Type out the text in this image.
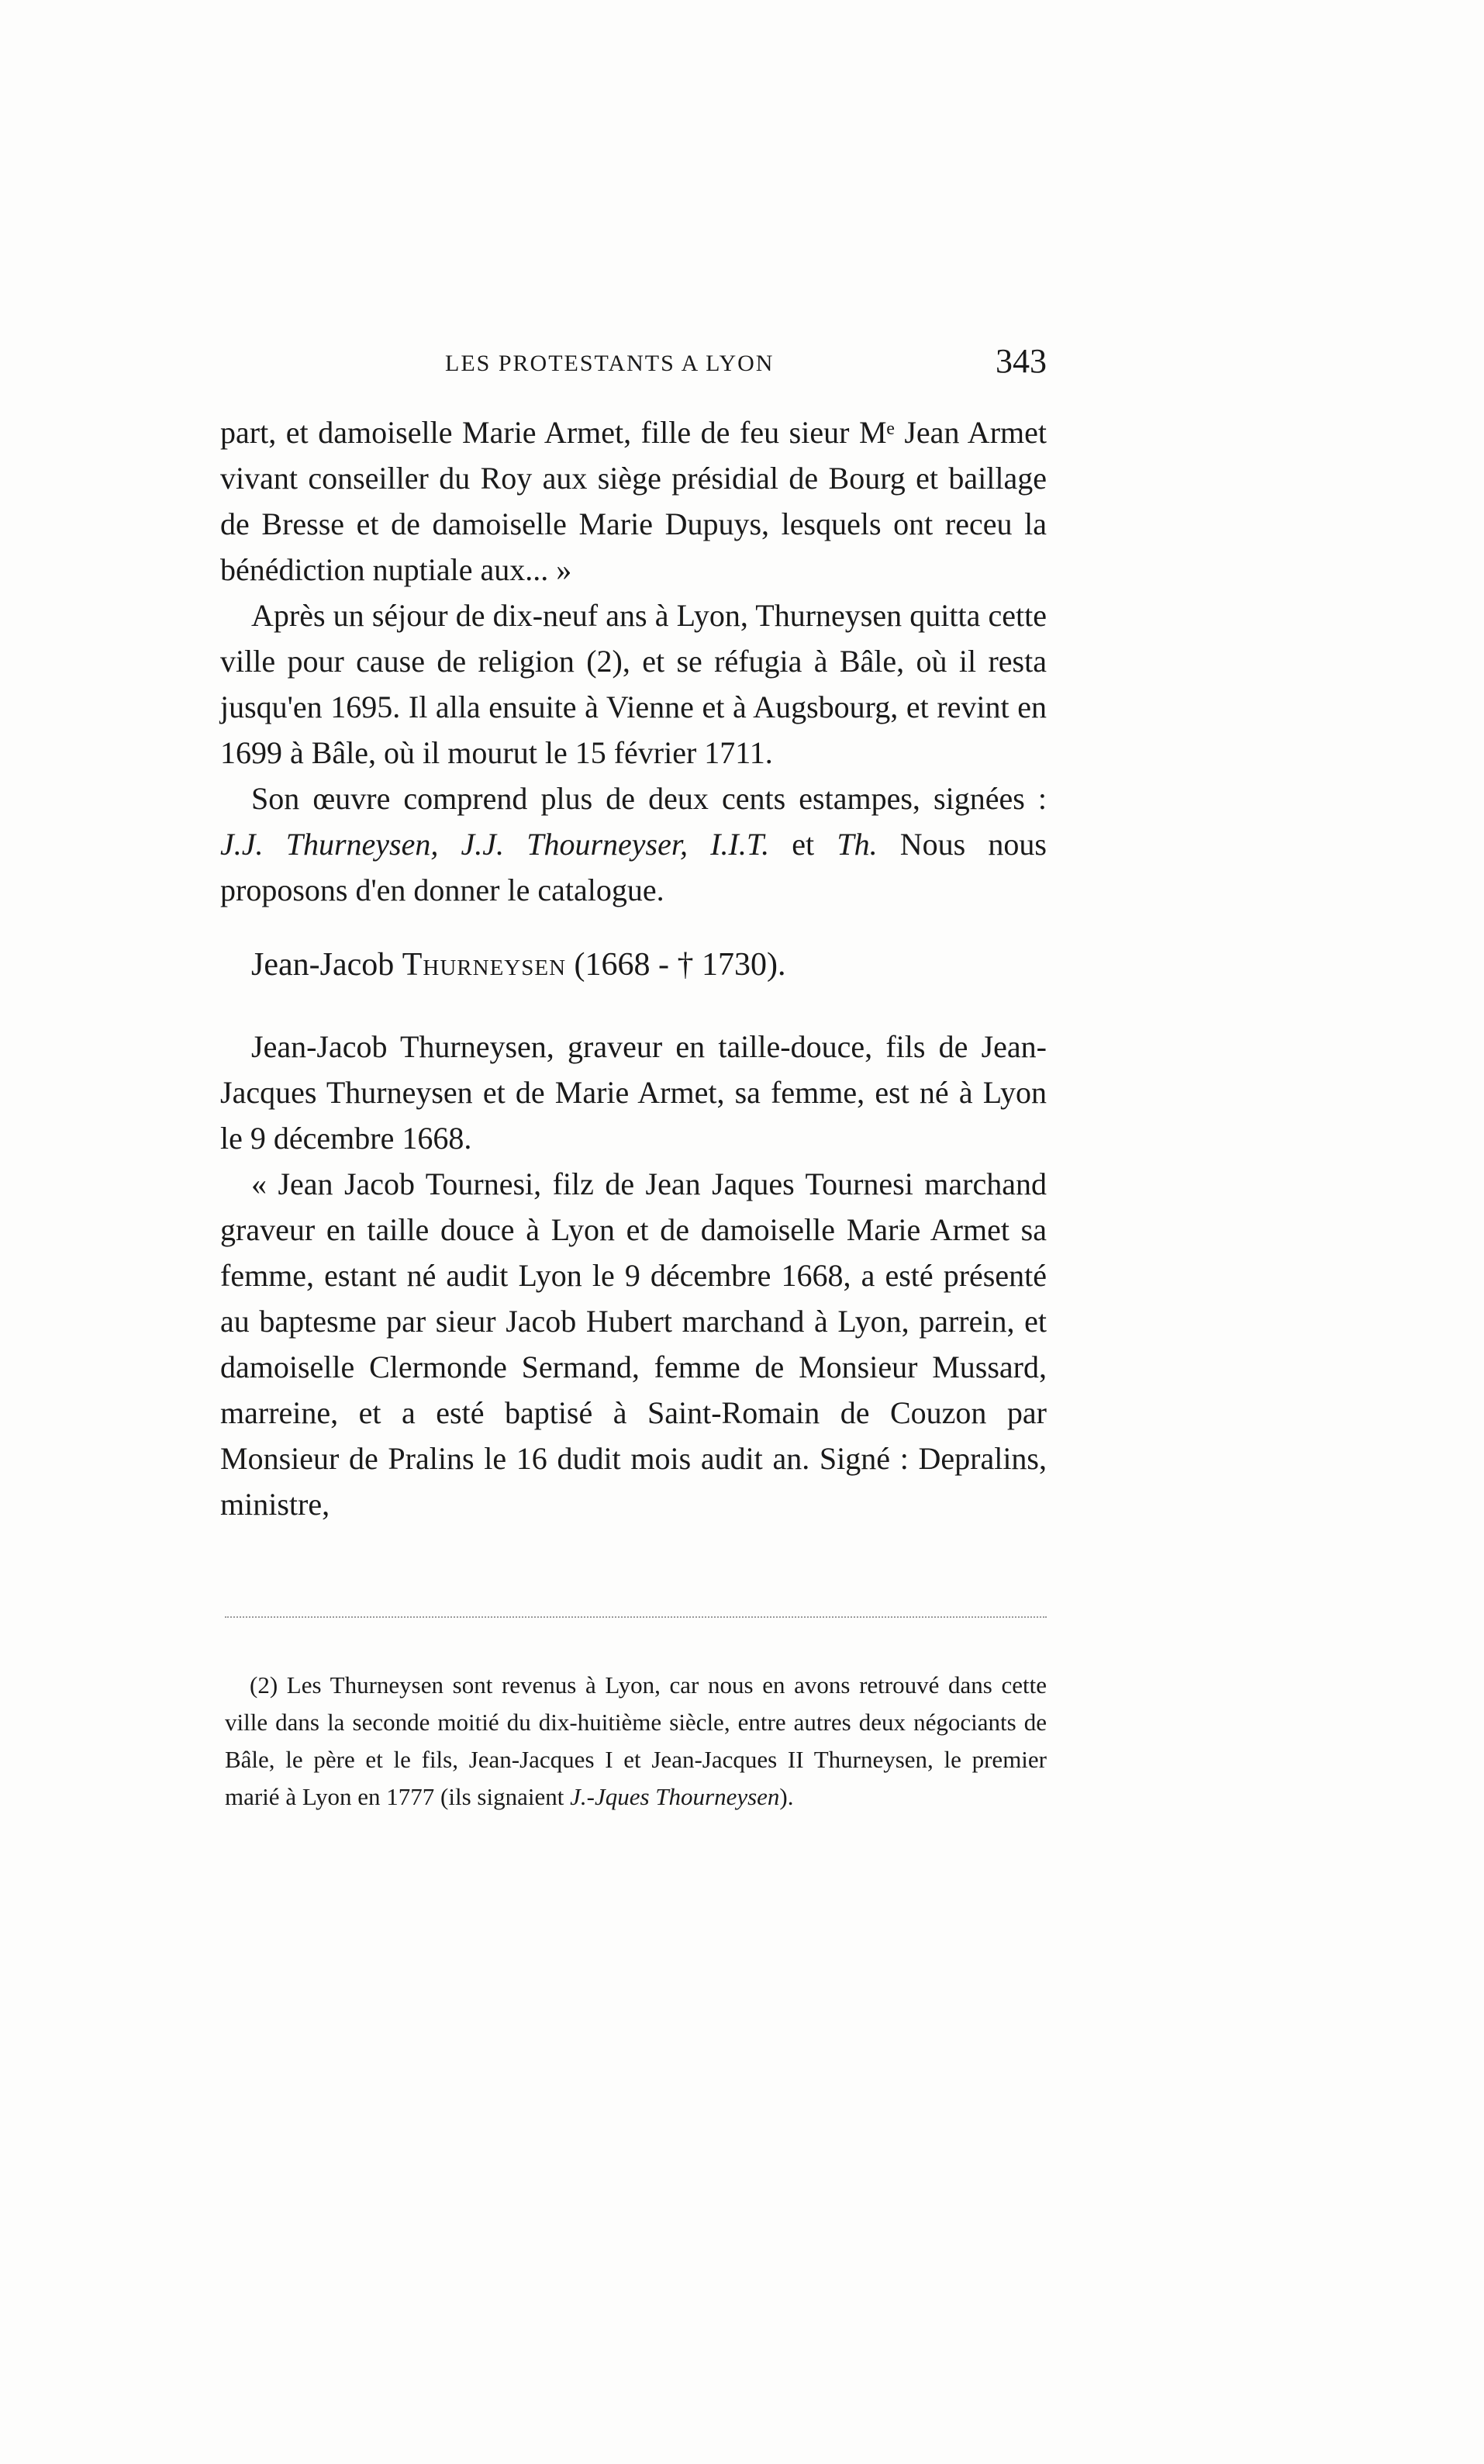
LES PROTESTANTS A LYON	343

part, et damoiselle Marie Armet, fille de feu sieur Mᵉ Jean Armet vivant conseiller du Roy aux siège présidial de Bourg et baillage de Bresse et de damoiselle Marie Dupuys, lesquels ont receu la bénédiction nuptiale aux... »

Après un séjour de dix-neuf ans à Lyon, Thurneysen quitta cette ville pour cause de religion (2), et se réfugia à Bâle, où il resta jusqu'en 1695. Il alla ensuite à Vienne et à Augsbourg, et revint en 1699 à Bâle, où il mourut le 15 février 1711.

Son œuvre comprend plus de deux cents estampes, signées : J.J. Thurneysen, J.J. Thourneyser, I.I.T. et Th. Nous nous proposons d'en donner le catalogue.

Jean-Jacob Thurneysen (1668 - † 1730).

Jean-Jacob Thurneysen, graveur en taille-douce, fils de Jean-Jacques Thurneysen et de Marie Armet, sa femme, est né à Lyon le 9 décembre 1668.

« Jean Jacob Tournesi, filz de Jean Jaques Tournesi marchand graveur en taille douce à Lyon et de damoiselle Marie Armet sa femme, estant né audit Lyon le 9 décembre 1668, a esté présenté au baptesme par sieur Jacob Hubert marchand à Lyon, parrein, et damoiselle Clermonde Sermand, femme de Monsieur Mussard, marreine, et a esté baptisé à Saint-Romain de Couzon par Monsieur de Pralins le 16 dudit mois audit an. Signé : Depralins, ministre,

(2) Les Thurneysen sont revenus à Lyon, car nous en avons retrouvé dans cette ville dans la seconde moitié du dix-huitième siècle, entre autres deux négociants de Bâle, le père et le fils, Jean-Jacques I et Jean-Jacques II Thurneysen, le premier marié à Lyon en 1777 (ils signaient J.-Jques Thourneysen).
